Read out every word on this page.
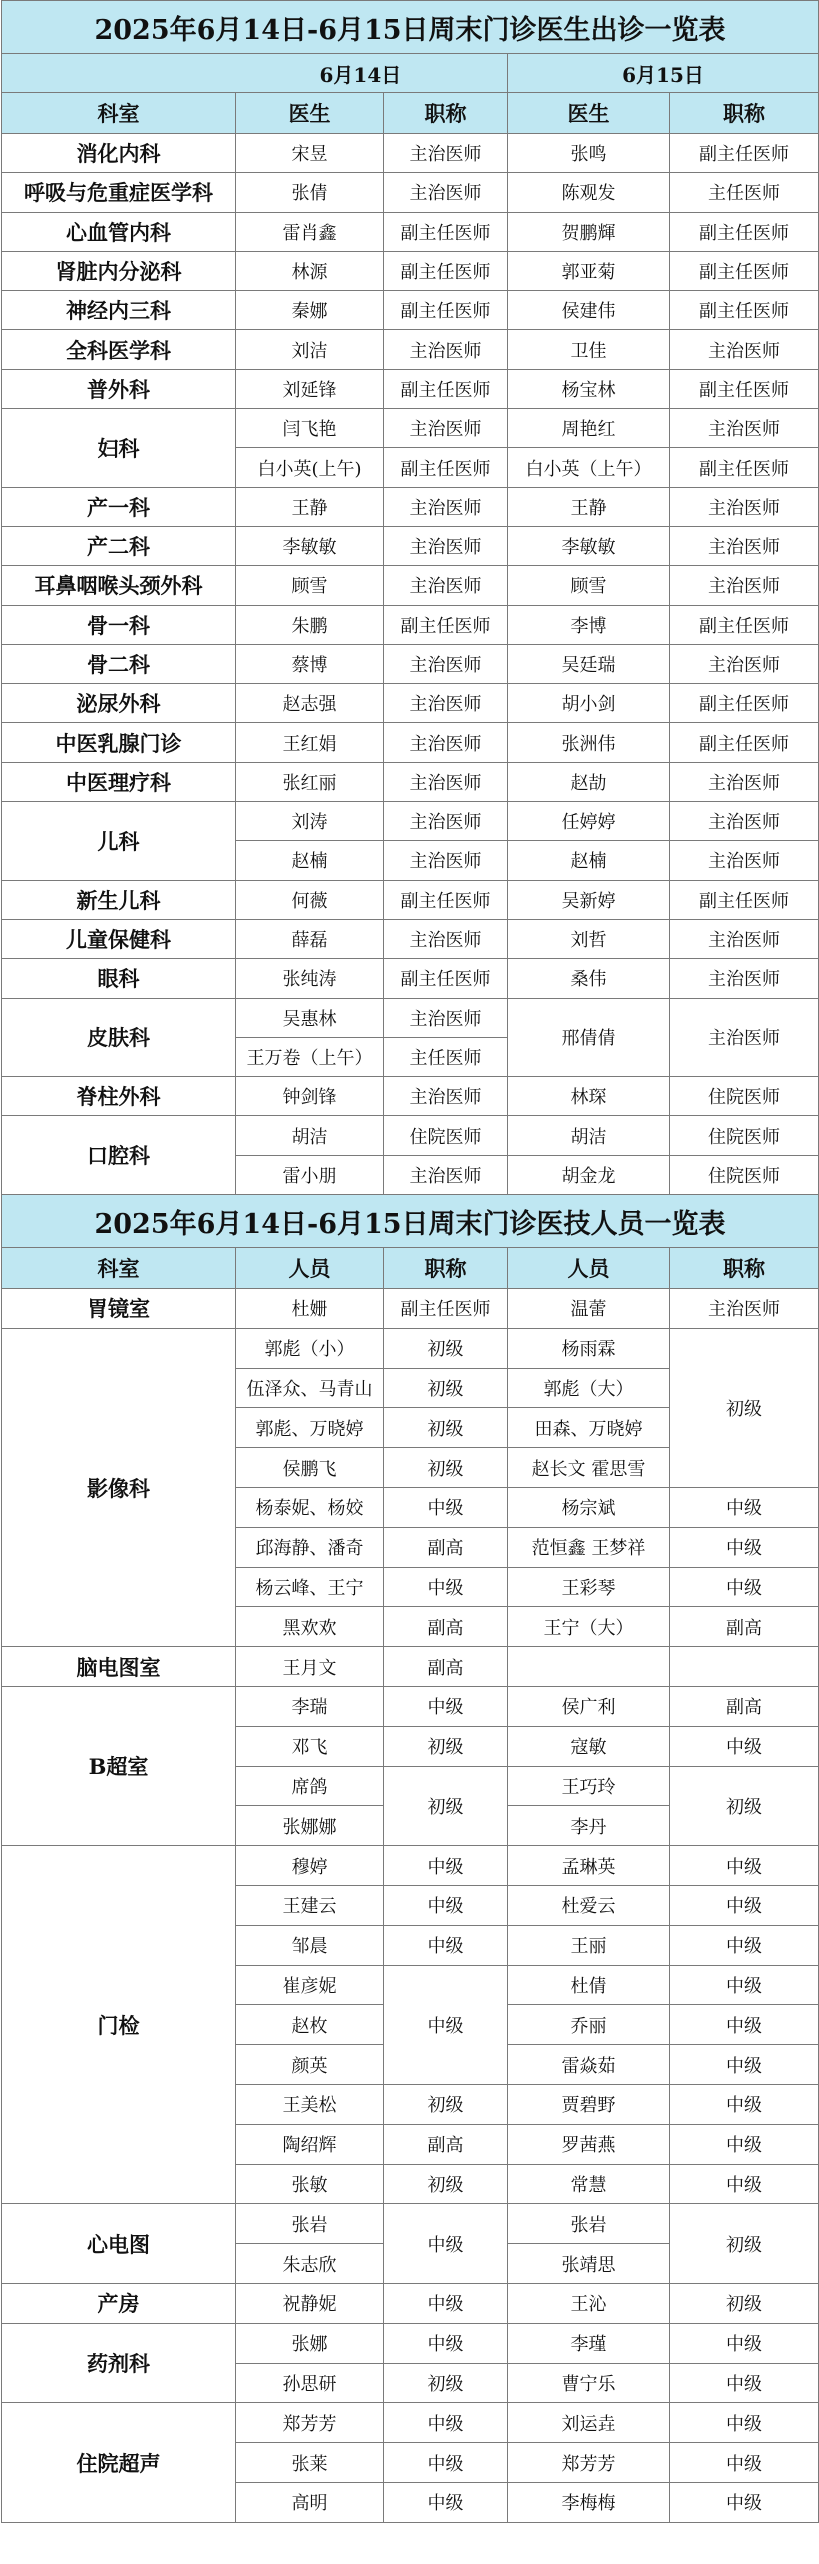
2025年6月14日-6月15日周末门诊医生出诊一览表				
		6月14日	6月15日	
科室	医生	职称	医生	职称
消化内科	宋昱	主治医师	张鸣	副主任医师
呼吸与危重症医学科	张倩	主治医师	陈观发	主任医师
心血管内科	雷肖鑫	副主任医师	贺鹏輝	副主任医师
肾脏内分泌科	林源	副主任医师	郭亚菊	副主任医师
神经内三科	秦娜	副主任医师	侯建伟	副主任医师
全科医学科	刘洁	主治医师	卫佳	主治医师
普外科	刘延锋	副主任医师	杨宝林	副主任医师
妇科	闫飞艳	主治医师	周艳红	主治医师
	白小英(上午)	副主任医师	白小英（上午）	副主任医师
产一科	王静	主治医师	王静	主治医师
产二科	李敏敏	主治医师	李敏敏	主治医师
耳鼻咽喉头颈外科	顾雪	主治医师	顾雪	主治医师
骨一科	朱鹏	副主任医师	李博	副主任医师
骨二科	蔡博	主治医师	吴廷瑞	主治医师
泌尿外科	赵志强	主治医师	胡小剑	副主任医师
中医乳腺门诊	王红娟	主治医师	张洲伟	副主任医师
中医理疗科	张红丽	主治医师	赵劼	主治医师
儿科	刘涛	主治医师	任婷婷	主治医师
	赵楠	主治医师	赵楠	主治医师
新生儿科	何薇	副主任医师	吴新婷	副主任医师
儿童保健科	薛磊	主治医师	刘哲	主治医师
眼科	张纯涛	副主任医师	桑伟	主治医师
皮肤科	吴惠林	主治医师	邢倩倩	主治医师
	王万卷（上午）	主任医师		
脊柱外科	钟剑锋	主治医师	林琛	住院医师
口腔科	胡洁	住院医师	胡洁	住院医师
	雷小朋	主治医师	胡金龙	住院医师
2025年6月14日-6月15日周末门诊医技人员一览表				
科室	人员	职称	人员	职称
胃镜室	杜姗	副主任医师	温蕾	主治医师
影像科	郭彪（小）	初级	杨雨霖	初级
	伍泽众、马青山	初级	郭彪（大）	
	郭彪、万晓婷	初级	田森、万晓婷	
	侯鹏飞	初级	赵长文 霍思雪	
	杨泰妮、杨姣	中级	杨宗斌	中级
	邱海静、潘奇	副高	范恒鑫 王梦祥	中级
	杨云峰、王宁	中级	王彩琴	中级
	黑欢欢	副高	王宁（大）	副高
脑电图室	王月文	副高		
B超室	李瑞	中级	侯广利	副高
	邓飞	初级	寇敏	中级
	席鸽	初级	王巧玲	初级
	张娜娜		李丹	
门检	穆婷	中级	孟琳英	中级
	王建云	中级	杜爱云	中级
	邹晨	中级	王丽	中级
	崔彦妮	中级	杜倩	中级
	赵枚		乔丽	中级
	颜英		雷焱茹	中级
	王美松	初级	贾碧野	中级
	陶绍辉	副高	罗茜燕	中级
	张敏	初级	常慧	中级
心电图	张岩	中级	张岩	初级
	朱志欣		张靖思	
产房	祝静妮	中级	王沁	初级
药剂科	张娜	中级	李瑾	中级
	孙思研	初级	曹宁乐	中级
住院超声	郑芳芳	中级	刘运垚	中级
	张莱	中级	郑芳芳	中级
	高明	中级	李梅梅	中级
